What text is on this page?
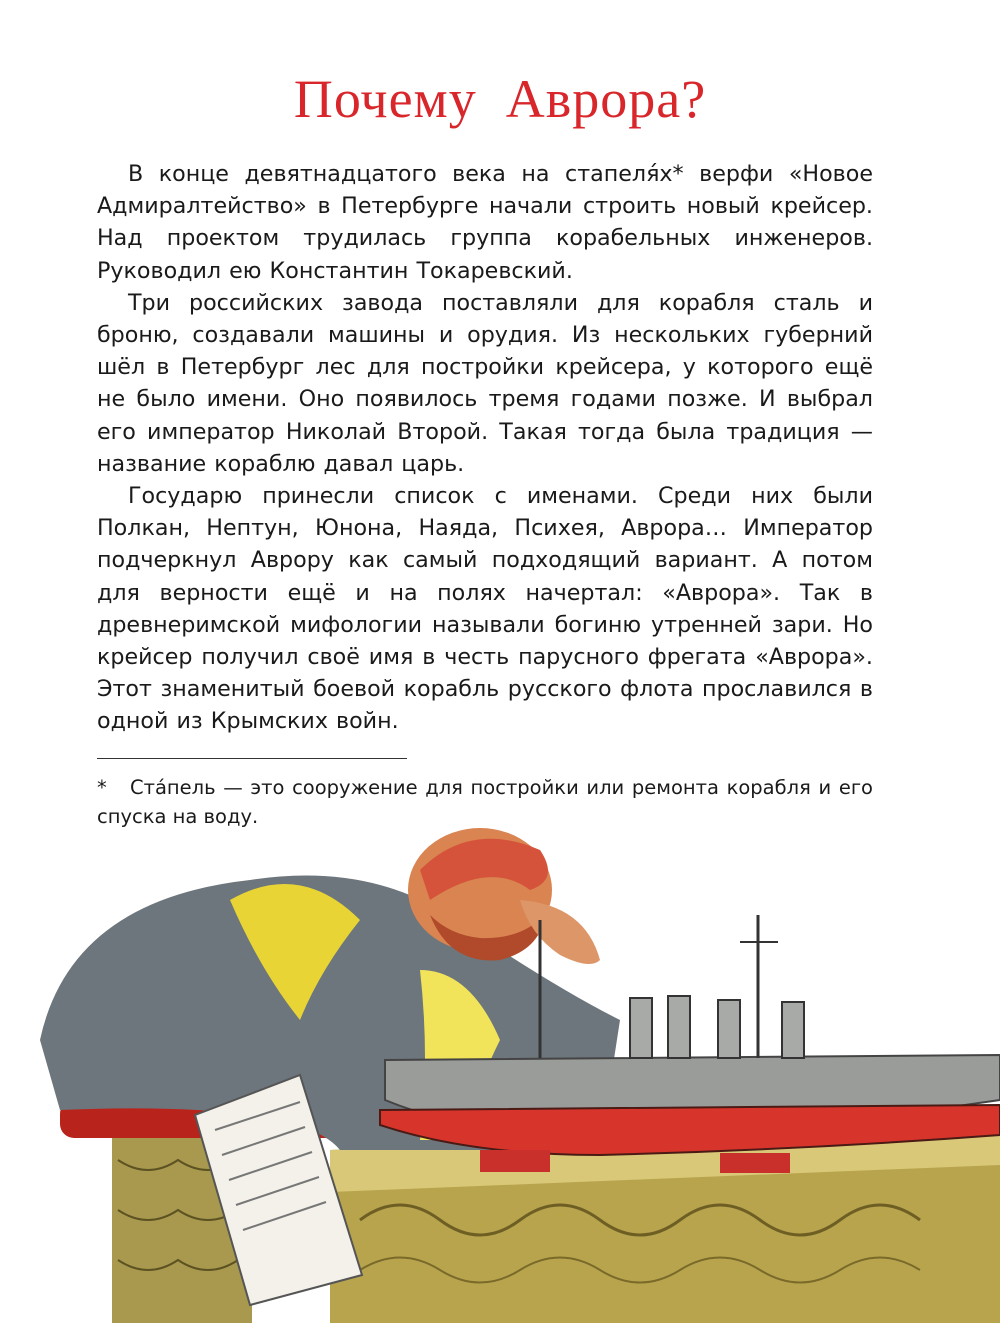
Почему  Аврора?

В конце девятнадцатого века на стапеля́х* верфи «Новое Адмиралтейство» в Петербурге начали строить новый крейсер. Над проектом трудилась группа корабельных инженеров. Руководил ею Константин Токаревский.

Три российских завода поставляли для корабля сталь и броню, создавали машины и орудия. Из нескольких губерний шёл в Петербург лес для постройки крейсера, у которого ещё не было имени. Оно появилось тремя годами позже. И выбрал его император Николай Второй. Такая тогда была традиция — название кораблю давал царь.

Государю принесли список с именами. Среди них были Полкан, Нептун, Юнона, Наяда, Психея, Аврора… Император подчеркнул Аврору как самый подходящий вариант. А потом для верности ещё и на полях начертал: «Аврора». Так в древнеримской мифологии называли богиню утренней зари. Но крейсер получил своё имя в честь парусного фрегата «Аврора». Этот знаменитый боевой корабль русского флота прославился в одной из Крымских войн.

* Ста́пель — это сооружение для постройки или ремонта корабля и его спуска на воду.
